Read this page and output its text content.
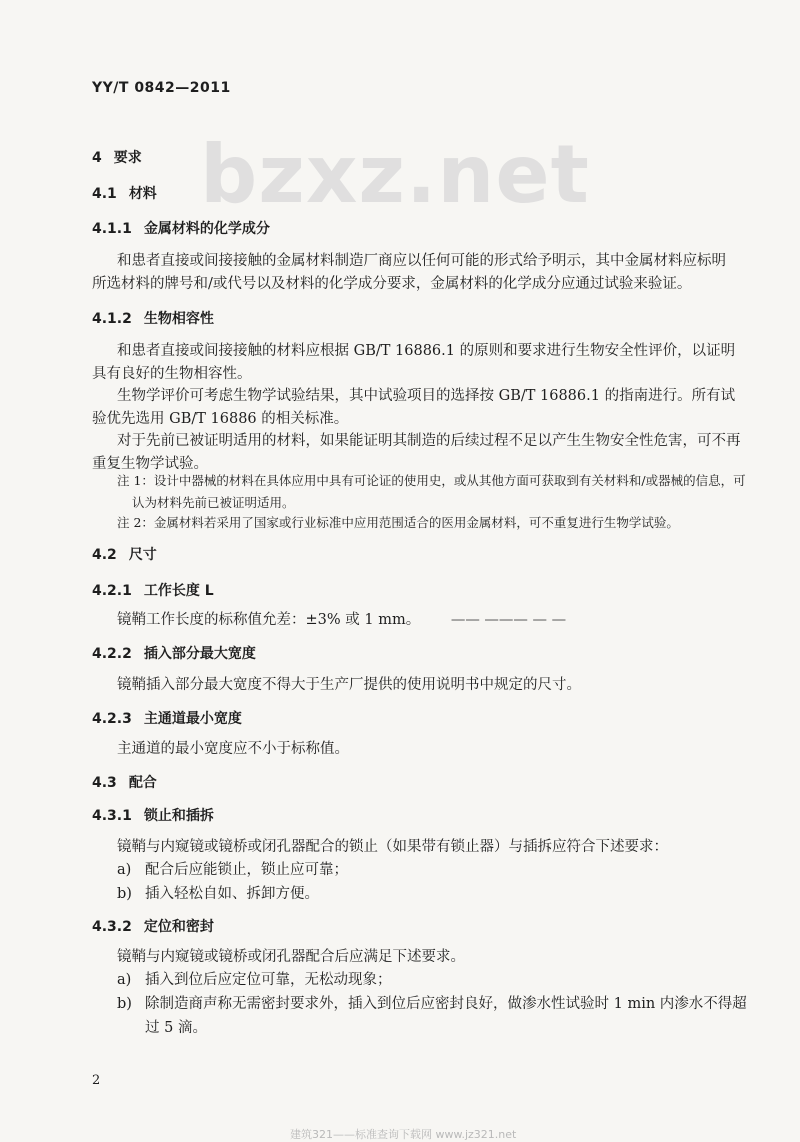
YY/T 0842—2011
bzxz.net
4 要求
4.1 材料
4.1.1 金属材料的化学成分
和患者直接或间接接触的金属材料制造厂商应以任何可能的形式给予明示，其中金属材料应标明
所选材料的牌号和/或代号以及材料的化学成分要求，金属材料的化学成分应通过试验来验证。
4.1.2 生物相容性
和患者直接或间接接触的材料应根据 GB/T 16886.1 的原则和要求进行生物安全性评价，以证明
具有良好的生物相容性。
生物学评价可考虑生物学试验结果，其中试验项目的选择按 GB/T 16886.1 的指南进行。所有试
验优先选用 GB/T 16886 的相关标准。
对于先前已被证明适用的材料，如果能证明其制造的后续过程不足以产生生物安全性危害，可不再
重复生物学试验。
注 1：设计中器械的材料在具体应用中具有可论证的使用史，或从其他方面可获取到有关材料和/或器械的信息，可
认为材料先前已被证明适用。
注 2：金属材料若采用了国家或行业标准中应用范围适合的医用金属材料，可不重复进行生物学试验。
4.2 尺寸
4.2.1 工作长度 L
镜鞘工作长度的标称值允差：±3% 或 1 mm。 —— ——— — —
4.2.2 插入部分最大宽度
镜鞘插入部分最大宽度不得大于生产厂提供的使用说明书中规定的尺寸。
4.2.3 主通道最小宽度
主通道的最小宽度应不小于标称值。
4.3 配合
4.3.1 锁止和插拆
镜鞘与内窥镜或镜桥或闭孔器配合的锁止（如果带有锁止器）与插拆应符合下述要求：
a) 配合后应能锁止，锁止应可靠；
b) 插入轻松自如、拆卸方便。
4.3.2 定位和密封
镜鞘与内窥镜或镜桥或闭孔器配合后应满足下述要求。
a) 插入到位后应定位可靠，无松动现象；
b) 除制造商声称无需密封要求外，插入到位后应密封良好，做渗水性试验时 1 min 内渗水不得超
过 5 滴。
2
建筑321——标准查询下载网 www.jz321.net
